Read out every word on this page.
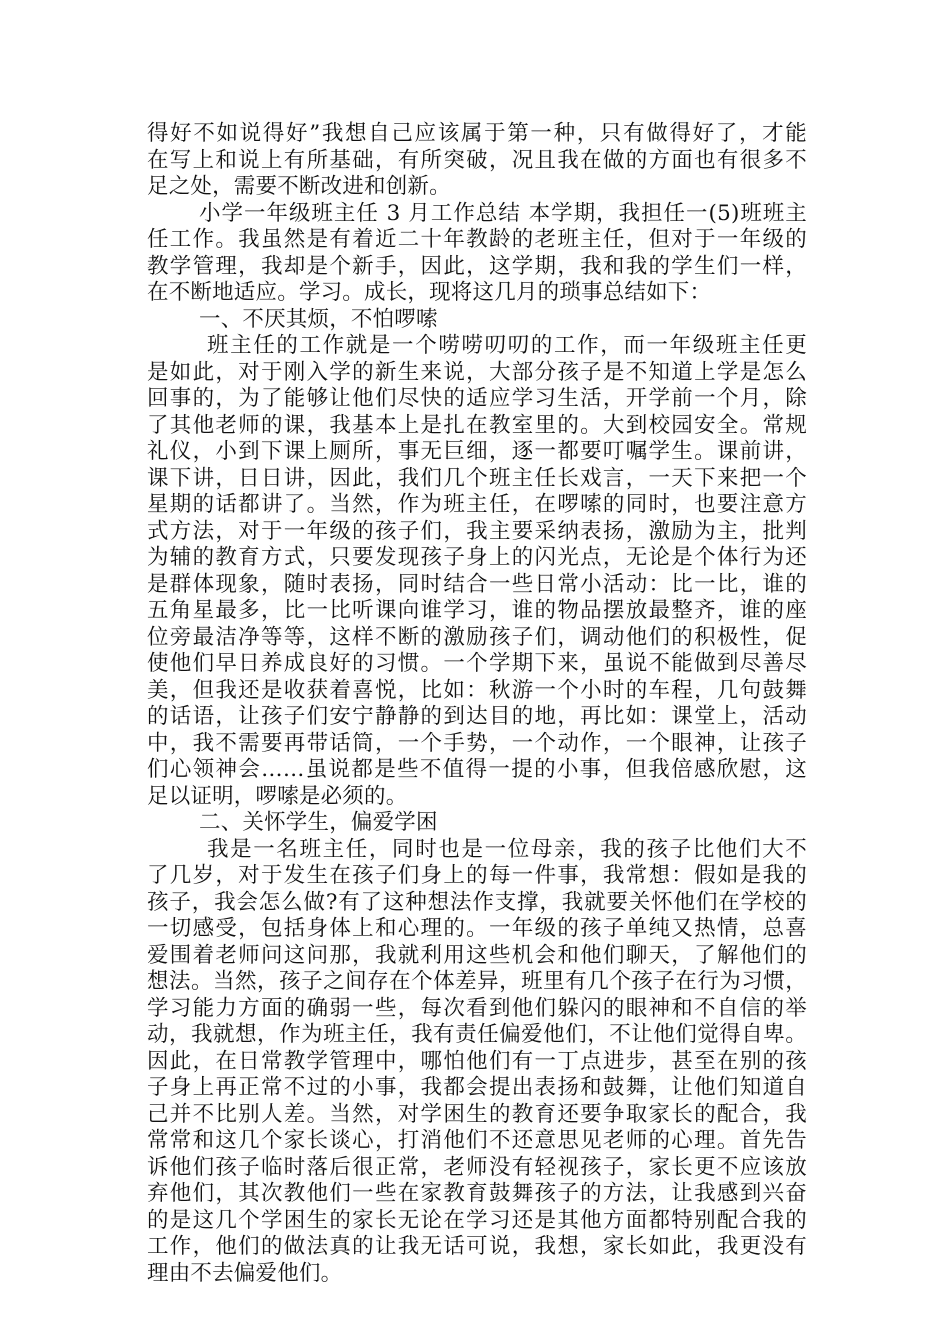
得好不如说得好”我想自己应该属于第一种，只有做得好了，才能
在写上和说上有所基础，有所突破，况且我在做的方面也有很多不
足之处，需要不断改进和创新。
小学一年级班主任 3 月工作总结 本学期，我担任一(5)班班主
任工作。我虽然是有着近二十年教龄的老班主任，但对于一年级的
教学管理，我却是个新手，因此，这学期，我和我的学生们一样，
在不断地适应。学习。成长，现将这几月的琐事总结如下：
一、不厌其烦，不怕啰嗦
班主任的工作就是一个唠唠叨叨的工作，而一年级班主任更
是如此，对于刚入学的新生来说，大部分孩子是不知道上学是怎么
回事的，为了能够让他们尽快的适应学习生活，开学前一个月，除
了其他老师的课，我基本上是扎在教室里的。大到校园安全。常规
礼仪，小到下课上厕所，事无巨细，逐一都要叮嘱学生。课前讲，
课下讲，日日讲，因此，我们几个班主任长戏言，一天下来把一个
星期的话都讲了。当然，作为班主任，在啰嗦的同时，也要注意方
式方法，对于一年级的孩子们，我主要采纳表扬，激励为主，批判
为辅的教育方式，只要发现孩子身上的闪光点，无论是个体行为还
是群体现象，随时表扬，同时结合一些日常小活动：比一比，谁的
五角星最多，比一比听课向谁学习，谁的物品摆放最整齐，谁的座
位旁最洁净等等，这样不断的激励孩子们，调动他们的积极性，促
使他们早日养成良好的习惯。一个学期下来，虽说不能做到尽善尽
美，但我还是收获着喜悦，比如：秋游一个小时的车程，几句鼓舞
的话语，让孩子们安宁静静的到达目的地，再比如：课堂上，活动
中，我不需要再带话筒，一个手势，一个动作，一个眼神，让孩子
们心领神会……虽说都是些不值得一提的小事，但我倍感欣慰，这
足以证明，啰嗦是必须的。
二、关怀学生，偏爱学困
我是一名班主任，同时也是一位母亲，我的孩子比他们大不
了几岁，对于发生在孩子们身上的每一件事，我常想：假如是我的
孩子，我会怎么做?有了这种想法作支撑，我就要关怀他们在学校的
一切感受，包括身体上和心理的。一年级的孩子单纯又热情，总喜
爱围着老师问这问那，我就利用这些机会和他们聊天，了解他们的
想法。当然，孩子之间存在个体差异，班里有几个孩子在行为习惯，
学习能力方面的确弱一些，每次看到他们躲闪的眼神和不自信的举
动，我就想，作为班主任，我有责任偏爱他们，不让他们觉得自卑。
因此，在日常教学管理中，哪怕他们有一丁点进步，甚至在别的孩
子身上再正常不过的小事，我都会提出表扬和鼓舞，让他们知道自
己并不比别人差。当然，对学困生的教育还要争取家长的配合，我
常常和这几个家长谈心，打消他们不还意思见老师的心理。首先告
诉他们孩子临时落后很正常，老师没有轻视孩子，家长更不应该放
弃他们，其次教他们一些在家教育鼓舞孩子的方法，让我感到兴奋
的是这几个学困生的家长无论在学习还是其他方面都特别配合我的
工作，他们的做法真的让我无话可说，我想，家长如此，我更没有
理由不去偏爱他们。
